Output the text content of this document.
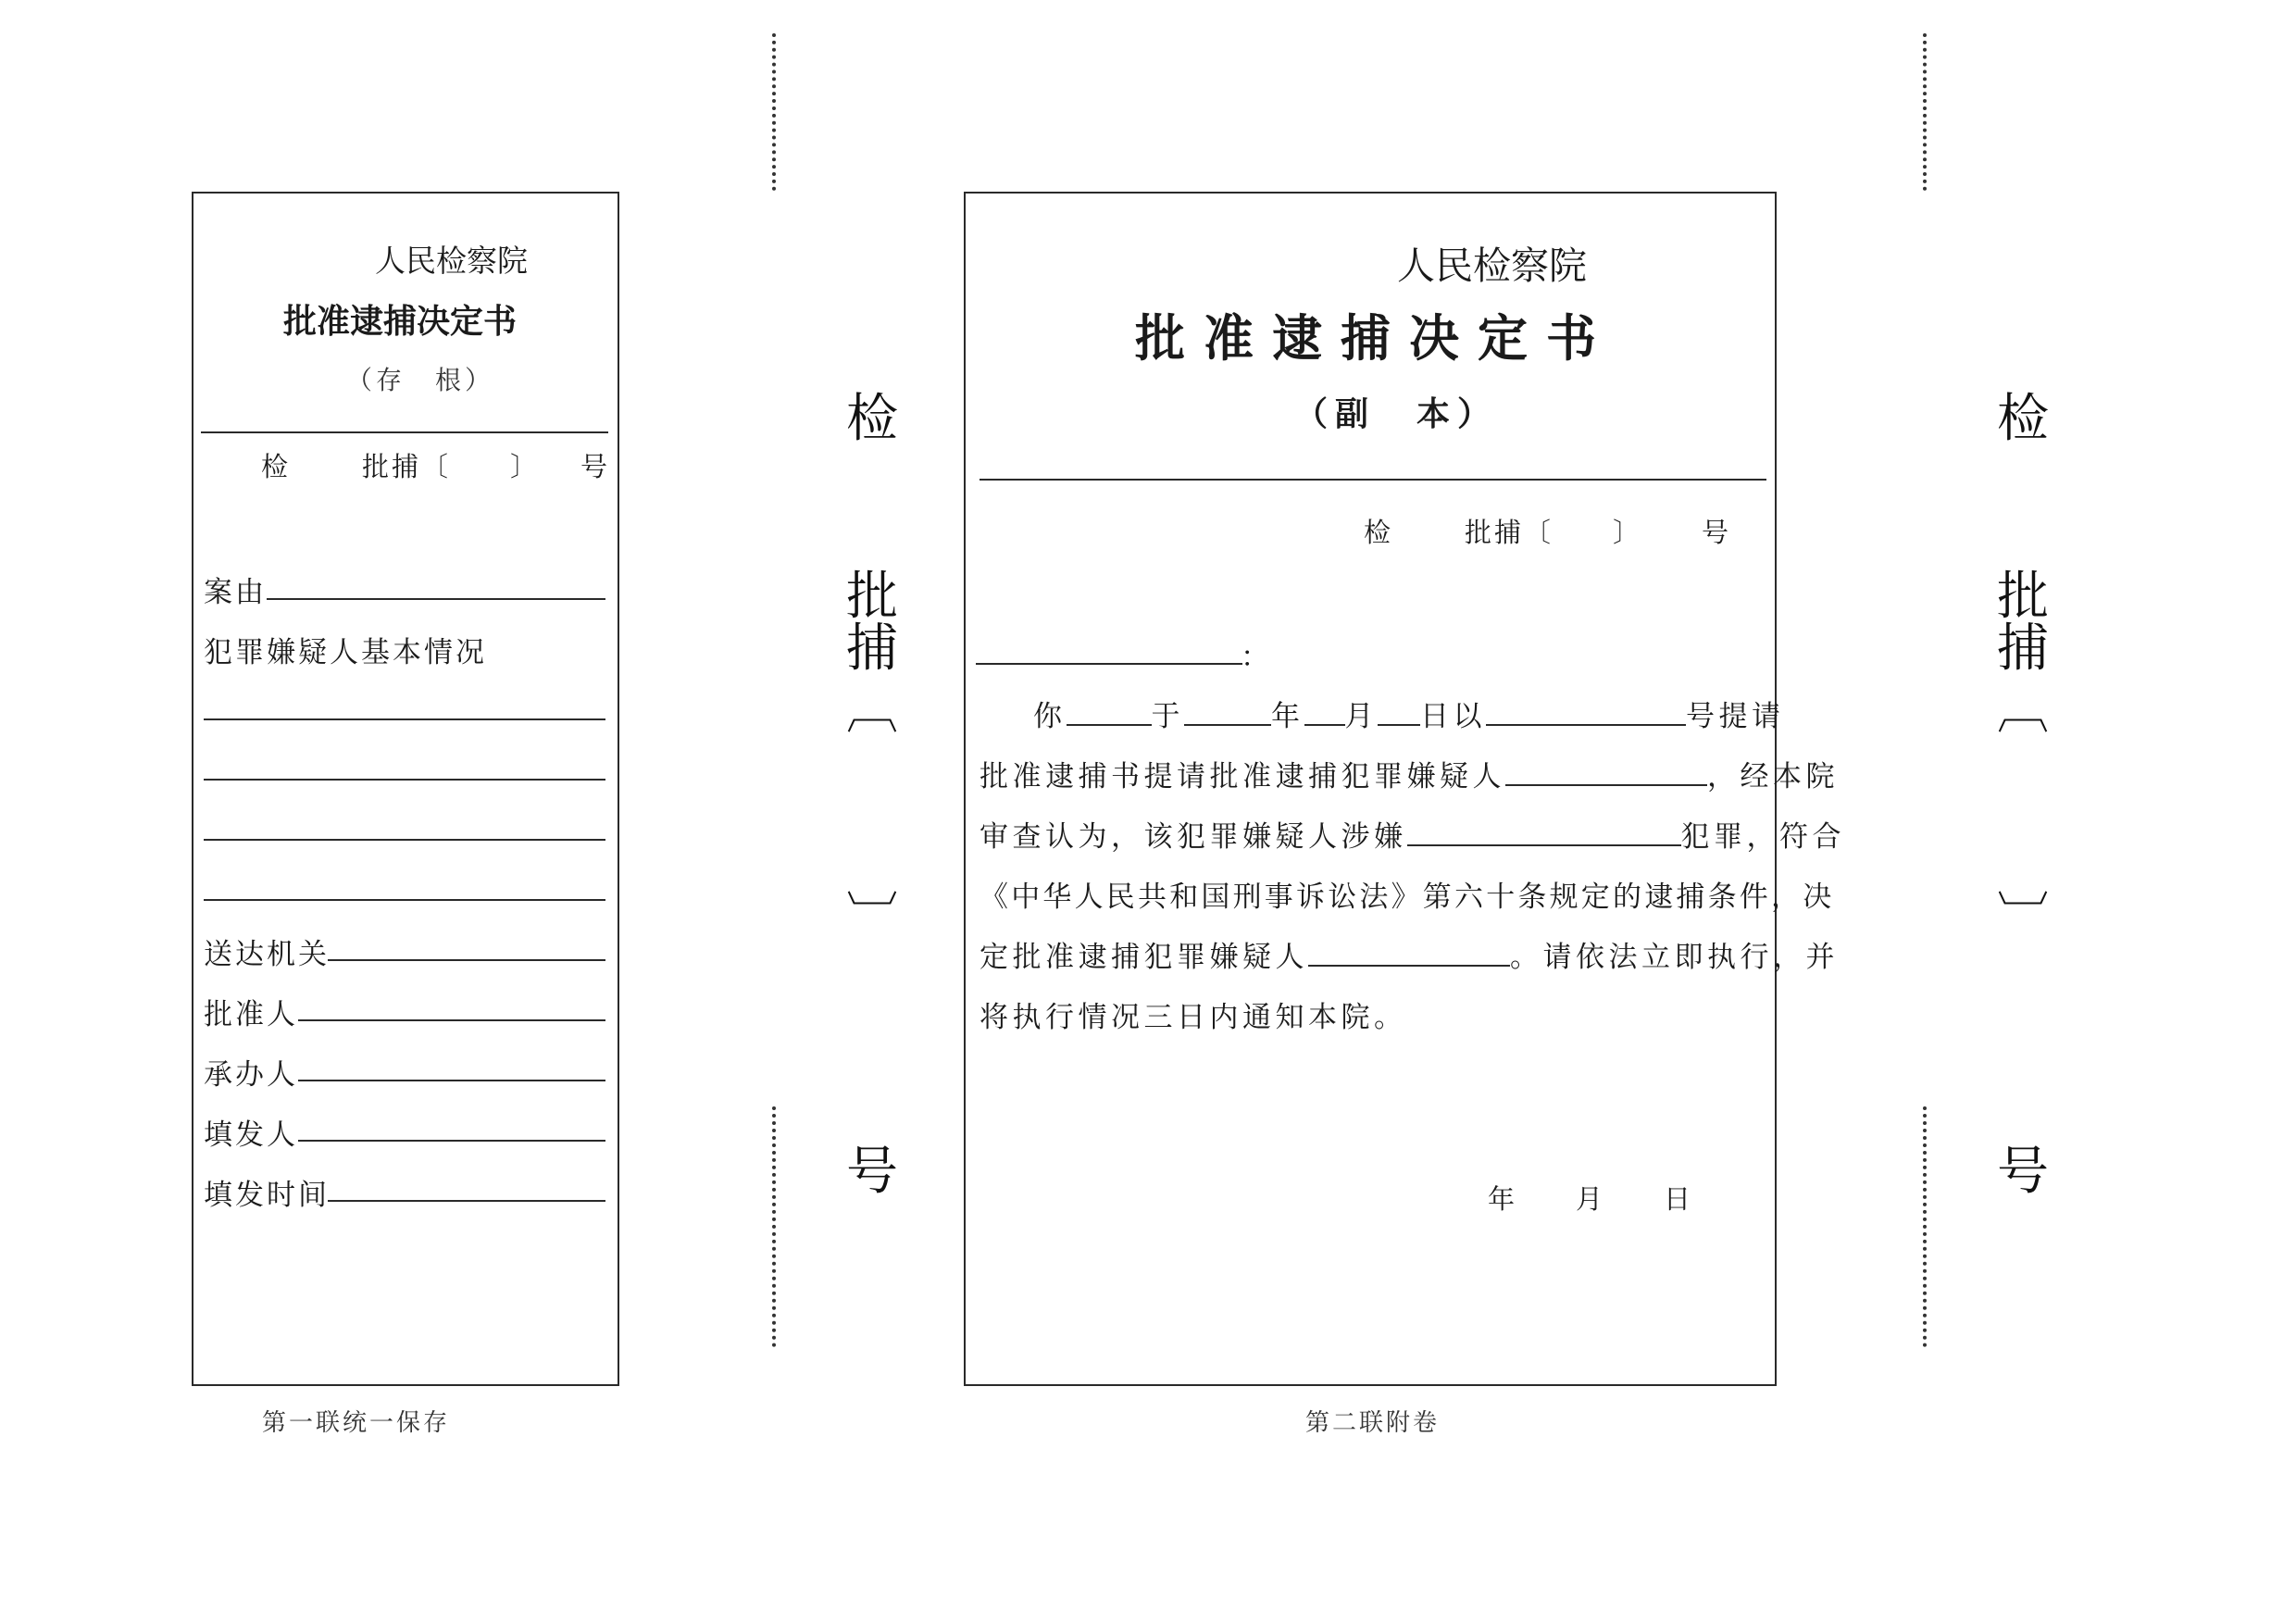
人民检察院
批准逮捕决定书
（存　根）
检	批捕〔　　〕 号
案由
犯罪嫌疑人基本情况
送达机关
批准人
承办人
填发人
填发时间
第一联统一保存
检
批
捕
︹
︺
号
人民检察院
批准逮捕决定书
（副　本）
检	批捕〔　　〕 号
：
你	于	年 月 日以	号提请
批准逮捕书提请批准逮捕犯罪嫌疑人	，经本院
审查认为，该犯罪嫌疑人涉嫌	犯罪，符合
《中华人民共和国刑事诉讼法》第六十条规定的逮捕条件，决
定批准逮捕犯罪嫌疑人	。请依法立即执行，并
将执行情况三日内通知本院。
年 月 日
第二联附卷
检
批
捕
︹
︺
号
